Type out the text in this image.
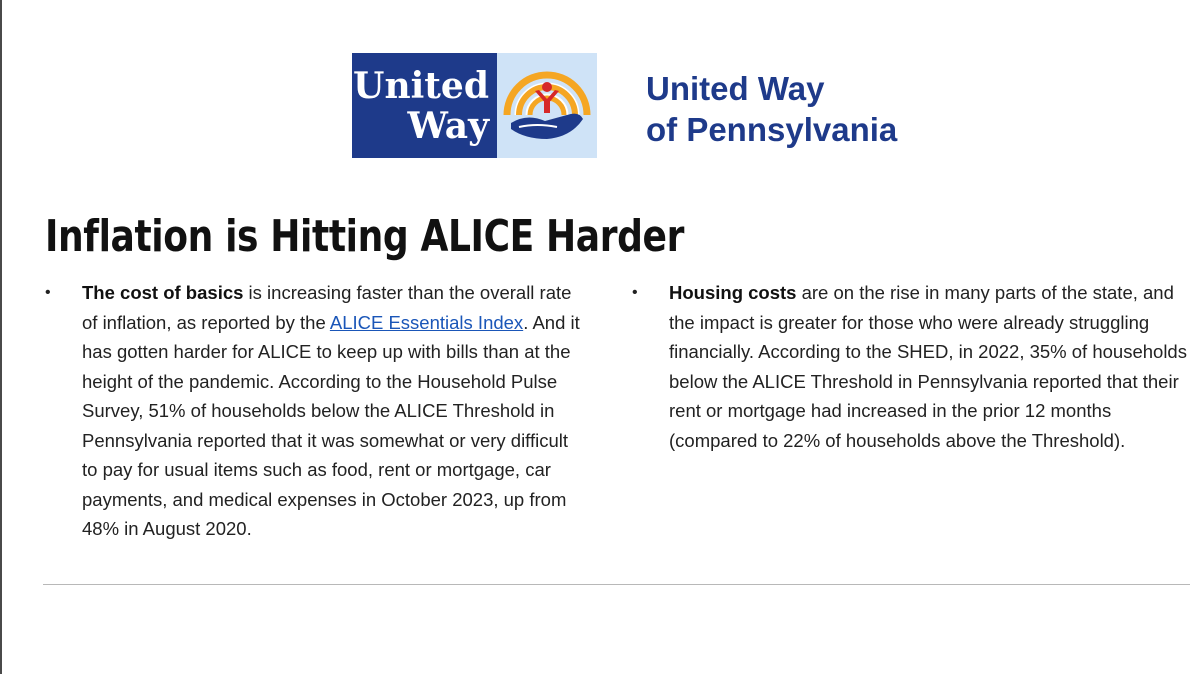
United
Way
United Way
of Pennsylvania
Inflation is Hitting ALICE Harder
•	The cost of basics is increasing faster than the overall rate of inflation, as reported by the ALICE Essentials Index. And it has gotten harder for ALICE to keep up with bills than at the height of the pandemic. According to the Household Pulse Survey, 51% of households below the ALICE Threshold in Pennsylvania reported that it was somewhat or very difficult to pay for usual items such as food, rent or mortgage, car payments, and medical expenses in October 2023, up from 48% in August 2020.
•	Housing costs are on the rise in many parts of the state, and the impact is greater for those who were already struggling financially. According to the SHED, in 2022, 35% of households below the ALICE Threshold in Pennsylvania reported that their rent or mortgage had increased in the prior 12 months (compared to 22% of households above the Threshold).
